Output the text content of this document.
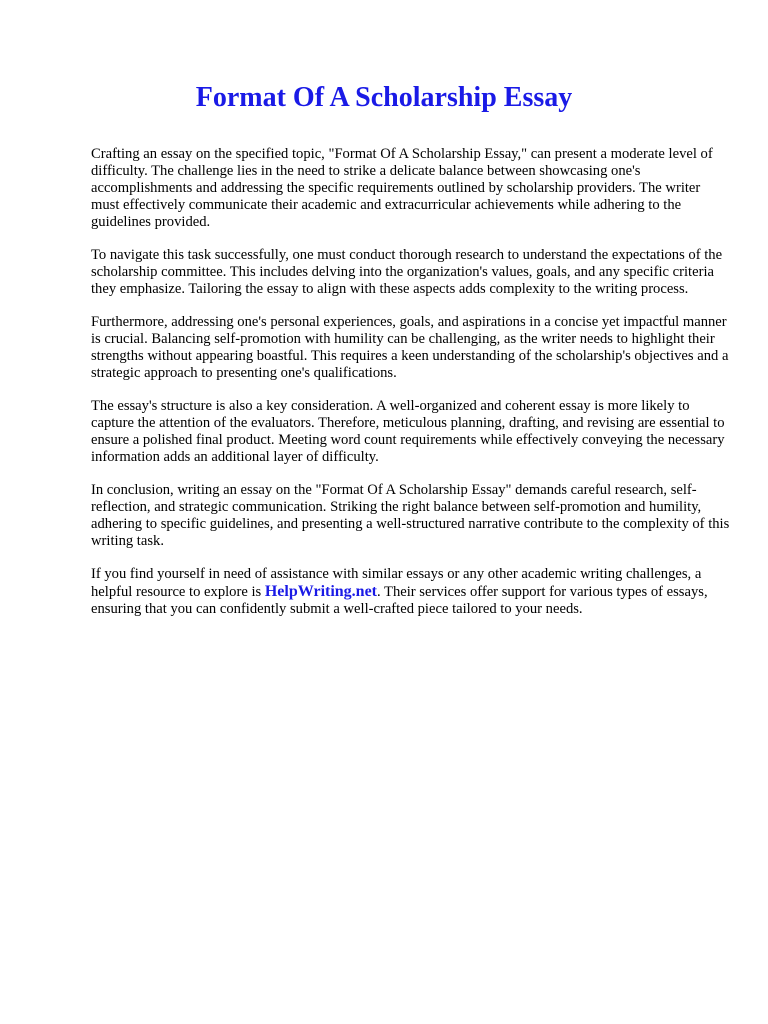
Format Of A Scholarship Essay

Crafting an essay on the specified topic, "Format Of A Scholarship Essay," can present a moderate level of difficulty. The challenge lies in the need to strike a delicate balance between showcasing one's accomplishments and addressing the specific requirements outlined by scholarship providers. The writer must effectively communicate their academic and extracurricular achievements while adhering to the guidelines provided.

To navigate this task successfully, one must conduct thorough research to understand the expectations of the scholarship committee. This includes delving into the organization's values, goals, and any specific criteria they emphasize. Tailoring the essay to align with these aspects adds complexity to the writing process.

Furthermore, addressing one's personal experiences, goals, and aspirations in a concise yet impactful manner is crucial. Balancing self-promotion with humility can be challenging, as the writer needs to highlight their strengths without appearing boastful. This requires a keen understanding of the scholarship's objectives and a strategic approach to presenting one's qualifications.

The essay's structure is also a key consideration. A well-organized and coherent essay is more likely to capture the attention of the evaluators. Therefore, meticulous planning, drafting, and revising are essential to ensure a polished final product. Meeting word count requirements while effectively conveying the necessary information adds an additional layer of difficulty.

In conclusion, writing an essay on the "Format Of A Scholarship Essay" demands careful research, self-reflection, and strategic communication. Striking the right balance between self-promotion and humility, adhering to specific guidelines, and presenting a well-structured narrative contribute to the complexity of this writing task.

If you find yourself in need of assistance with similar essays or any other academic writing challenges, a helpful resource to explore is HelpWriting.net. Their services offer support for various types of essays, ensuring that you can confidently submit a well-crafted piece tailored to your needs.
